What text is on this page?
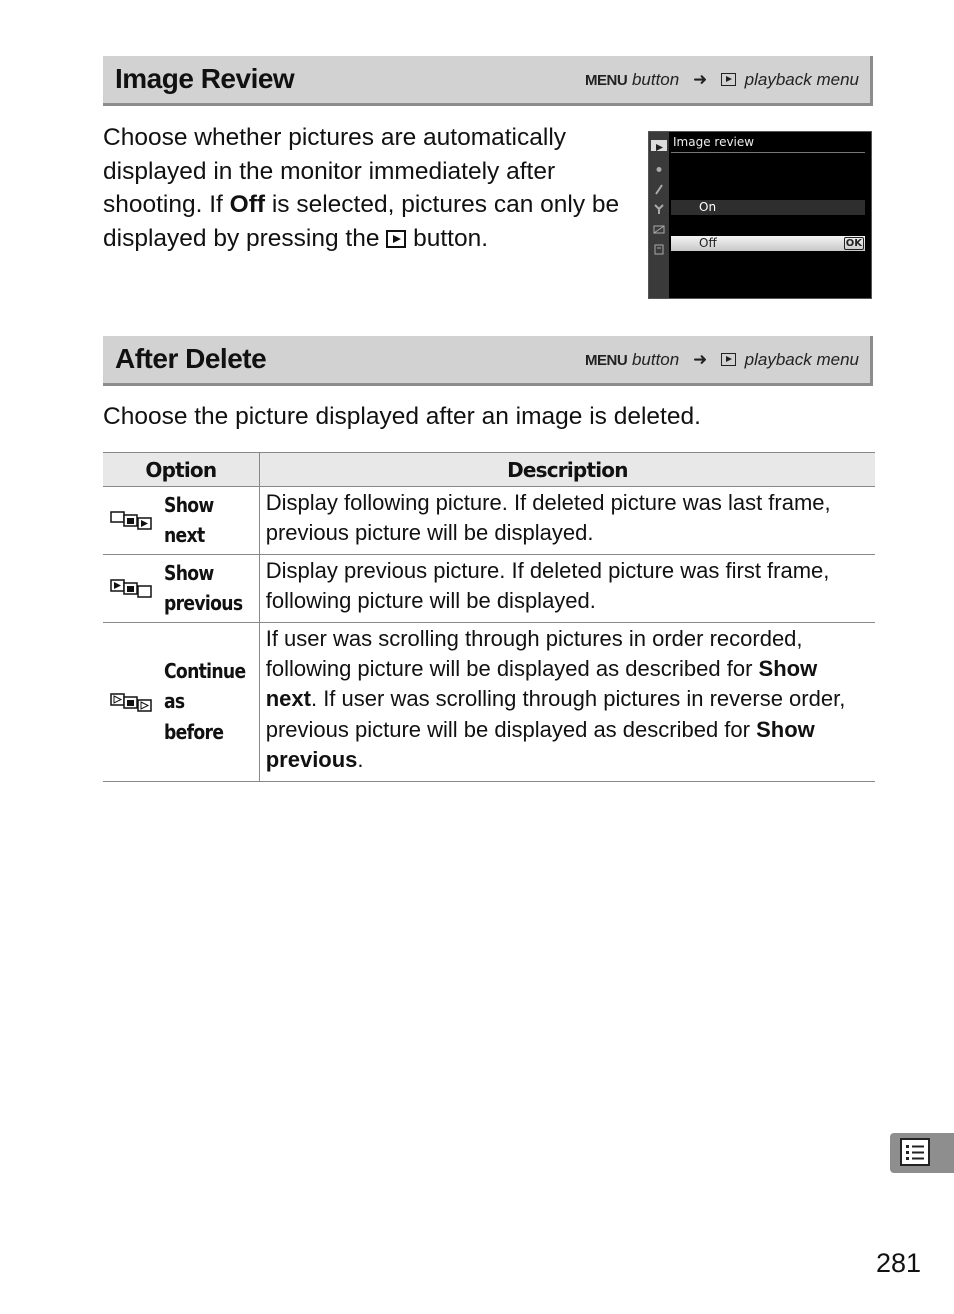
Image Review	MENU button ➜ playback menu
Choose whether pictures are automatically displayed in the monitor immediately after shooting. If Off is selected, pictures can only be displayed by pressing the  button.
Image review
On
Off	OK
After Delete	MENU button ➜ playback menu
Choose the picture displayed after an image is deleted.
Option	Description

Show
next	Display following picture. If deleted picture was last frame, previous picture will be displayed.

Show
previous	Display previous picture. If deleted picture was first frame, following picture will be displayed.

Continue
as before	If user was scrolling through pictures in order recorded, following picture will be displayed as described for Show next. If user was scrolling through pictures in reverse order, previous picture will be displayed as described for Show previous.
281
